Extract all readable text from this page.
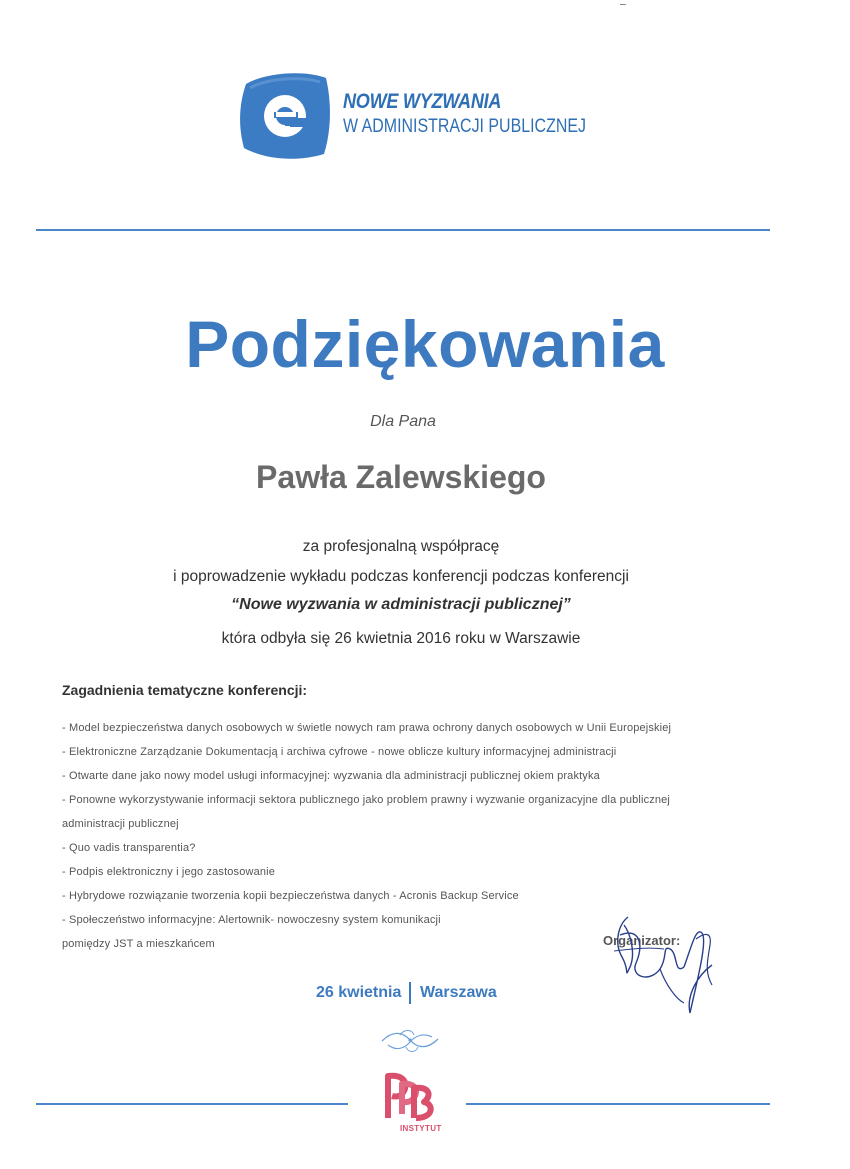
NOWE WYZWANIA
W ADMINISTRACJI PUBLICZNEJ
Podziękowania
Dla Pana
Pawła Zalewskiego
za profesjonalną współpracę
i poprowadzenie wykładu podczas konferencji podczas konferencji
“Nowe wyzwania w administracji publicznej”
która odbyła się 26 kwietnia 2016 roku w Warszawie
Zagadnienia tematyczne konferencji:
- Model bezpieczeństwa danych osobowych w świetle nowych ram prawa ochrony danych osobowych w Unii Europejskiej
- Elektroniczne Zarządzanie Dokumentacją i archiwa cyfrowe - nowe oblicze kultury informacyjnej administracji
- Otwarte dane jako nowy model usługi informacyjnej: wyzwania dla administracji publicznej okiem praktyka
- Ponowne wykorzystywanie informacji sektora publicznego jako problem prawny i wyzwanie organizacyjne dla publicznej
administracji publicznej
- Quo vadis transparentia?
- Podpis elektroniczny i jego zastosowanie
- Hybrydowe rozwiązanie tworzenia kopii bezpieczeństwa danych - Acronis Backup Service
- Społeczeństwo informacyjne: Alertownik- nowoczesny system komunikacji
pomiędzy JST a mieszkańcem	Organizator:
26 kwietnia Warszawa
INSTYTUT
